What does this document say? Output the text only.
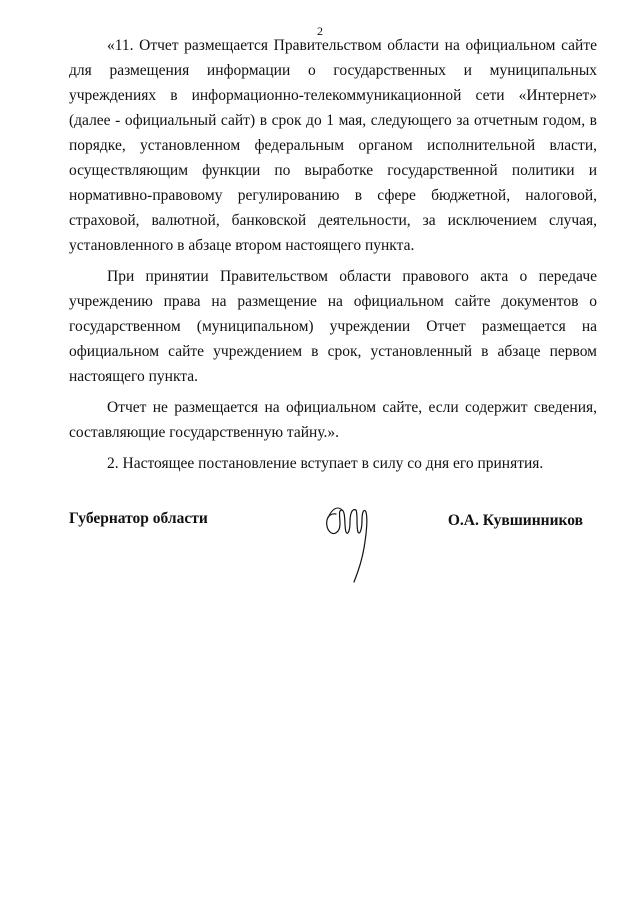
2

«11. Отчет размещается Правительством области на официальном сайте для размещения информации о государственных и муниципальных учреждениях в информационно-телекоммуникационной сети «Интернет» (далее - официальный сайт) в срок до 1 мая, следующего за отчетным годом, в порядке, установленном федеральным органом исполнительной власти, осуществляющим функции по выработке государственной политики и нормативно-правовому регулированию в сфере бюджетной, налоговой, страховой, валютной, банковской деятельности, за исключением случая, установленного в абзаце втором настоящего пункта.

При принятии Правительством области правового акта о передаче учреждению права на размещение на официальном сайте документов о государственном (муниципальном) учреждении Отчет размещается на официальном сайте учреждением в срок, установленный в абзаце первом настоящего пункта.

Отчет не размещается на официальном сайте, если содержит сведения, составляющие государственную тайну.».

2. Настоящее постановление вступает в силу со дня его принятия.

Губернатор области	О.А. Кувшинников
